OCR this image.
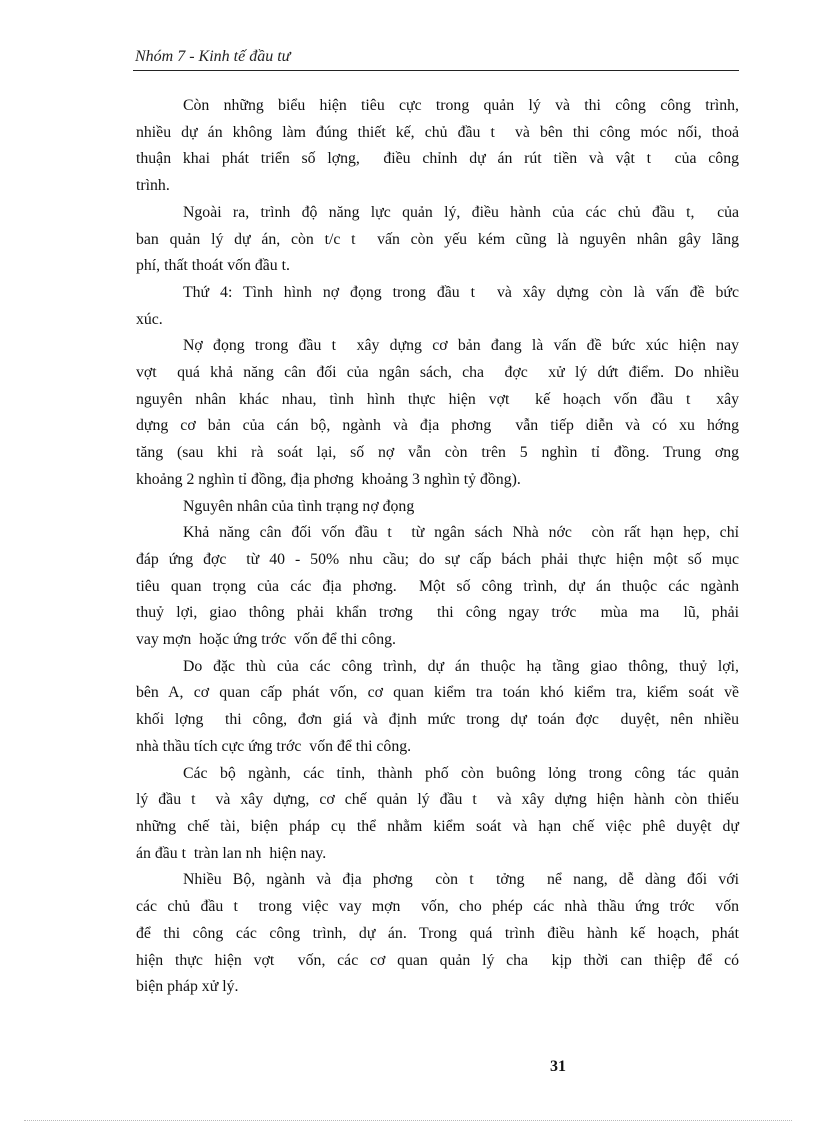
Nhóm 7 - Kinh tế đầu tư
Còn những biểu hiện tiêu cực trong quản lý và thi công công trình,
nhiều dự án không làm đúng thiết kế, chủ đầu t  và bên thi công móc nối, thoả
thuận khai phát triển số lợng,  điều chỉnh dự án rút tiền và vật t  của công
trình.
Ngoài ra, trình độ năng lực quản lý, điều hành của các chủ đầu t,  của
ban quản lý dự án, còn t/c t  vấn còn yếu kém cũng là nguyên nhân gây lãng
phí, thất thoát vốn đầu t.
Thứ 4: Tình hình nợ đọng trong đầu t  và xây dựng còn là vấn đề bức
xúc.
Nợ đọng trong đầu t  xây dựng cơ bản đang là vấn đề bức xúc hiện nay
vợt  quá khả năng cân đối của ngân sách, cha  đợc  xử lý dứt điểm. Do nhiều
nguyên nhân khác nhau, tình hình thực hiện vợt  kế hoạch vốn đầu t  xây
dựng cơ bản của cán bộ, ngành và địa phơng  vẫn tiếp diễn và có xu hớng
tăng (sau khi rà soát lại, số nợ vẫn còn trên 5 nghìn tỉ đồng. Trung ơng
khoảng 2 nghìn tỉ đồng, địa phơng  khoảng 3 nghìn tỷ đồng).
Nguyên nhân của tình trạng nợ đọng
Khả năng cân đối vốn đầu t  từ ngân sách Nhà nớc  còn rất hạn hẹp, chỉ
đáp ứng đợc  từ 40 - 50% nhu cầu; do sự cấp bách phải thực hiện một số mục
tiêu quan trọng của các địa phơng.  Một số công trình, dự án thuộc các ngành
thuỷ lợi, giao thông phải khẩn trơng  thi công ngay trớc  mùa ma  lũ, phải
vay mợn  hoặc ứng trớc  vốn để thi công.
Do đặc thù của các công trình, dự án thuộc hạ tầng giao thông, thuỷ lợi,
bên A, cơ quan cấp phát vốn, cơ quan kiểm tra toán khó kiểm tra, kiểm soát về
khối lợng  thi công, đơn giá và định mức trong dự toán đợc  duyệt, nên nhiều
nhà thầu tích cực ứng trớc  vốn để thi công.
Các bộ ngành, các tỉnh, thành phố còn buông lỏng trong công tác quản
lý đầu t  và xây dựng, cơ chế quản lý đầu t  và xây dựng hiện hành còn thiếu
những chế tài, biện pháp cụ thể nhằm kiểm soát và hạn chế việc phê duyệt dự
án đầu t  tràn lan nh  hiện nay.
Nhiều Bộ, ngành và địa phơng  còn t  tởng  nể nang, dễ dàng đối với
các chủ đầu t  trong việc vay mợn  vốn, cho phép các nhà thầu ứng trớc  vốn
để thi công các công trình, dự án. Trong quá trình điều hành kế hoạch, phát
hiện thực hiện vợt  vốn, các cơ quan quản lý cha  kịp thời can thiệp để có
biện pháp xử lý.
31
